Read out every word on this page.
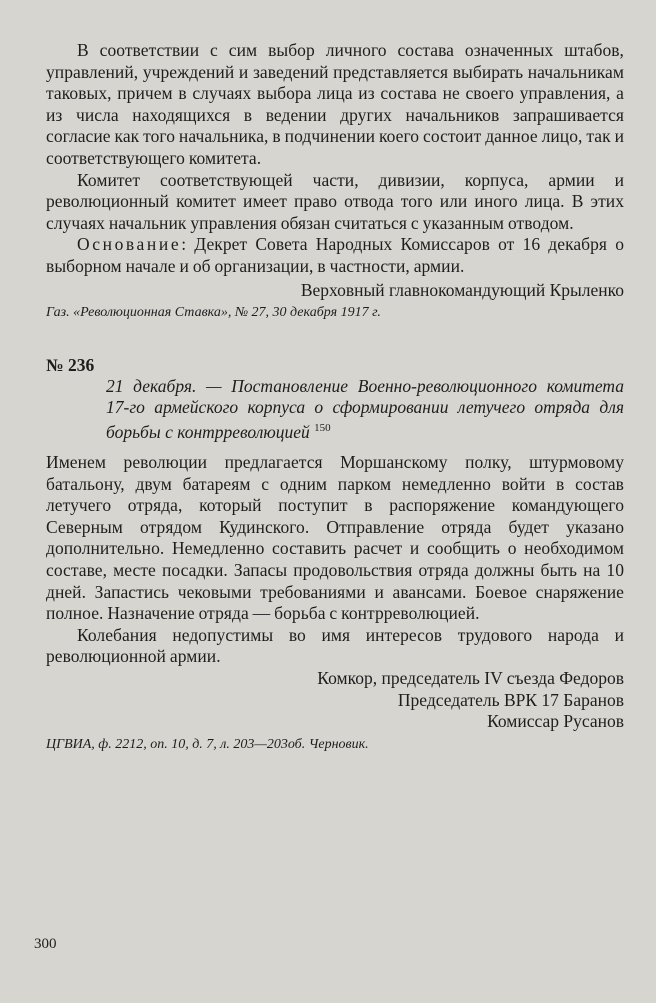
В соответствии с сим выбор личного состава означенных штабов, управлений, учреждений и заведений представляется выбирать начальникам таковых, причем в случаях выбора лица из состава не своего управления, а из числа находящихся в ведении других начальников запрашивается согласие как того начальника, в подчинении коего состоит данное лицо, так и соответствующего комитета.

Комитет соответствующей части, дивизии, корпуса, армии и революционный комитет имеет право отвода того или иного лица. В этих случаях начальник управления обязан считаться с указанным отводом.

Основание: Декрет Совета Народных Комиссаров от 16 декабря о выборном начале и об организации, в частности, армии.

Верховный главнокомандующий Крыленко

Газ. «Революционная Ставка», № 27, 30 декабря 1917 г.

№ 236

21 декабря. — Постановление Военно-революционного комитета 17-го армейского корпуса о сформировании летучего отряда для борьбы с контрреволюцией $^{150}$

Именем революции предлагается Моршанскому полку, штурмовому батальону, двум батареям с одним парком немедленно войти в состав летучего отряда, который поступит в распоряжение командующего Северным отрядом Кудинского. Отправление отряда будет указано дополнительно. Немедленно составить расчет и сообщить о необходимом составе, месте посадки. Запасы продовольствия отряда должны быть на 10 дней. Запастись чековыми требованиями и авансами. Боевое снаряжение полное. Назначение отряда — борьба с контрреволюцией.

Колебания недопустимы во имя интересов трудового народа и революционной армии.

Комкор, председатель IV съезда Федоров

Председатель ВРК 17 Баранов

Комиссар Русанов

ЦГВИА, ф. 2212, оп. 10, д. 7, л. 203—203об. Черновик.

300
